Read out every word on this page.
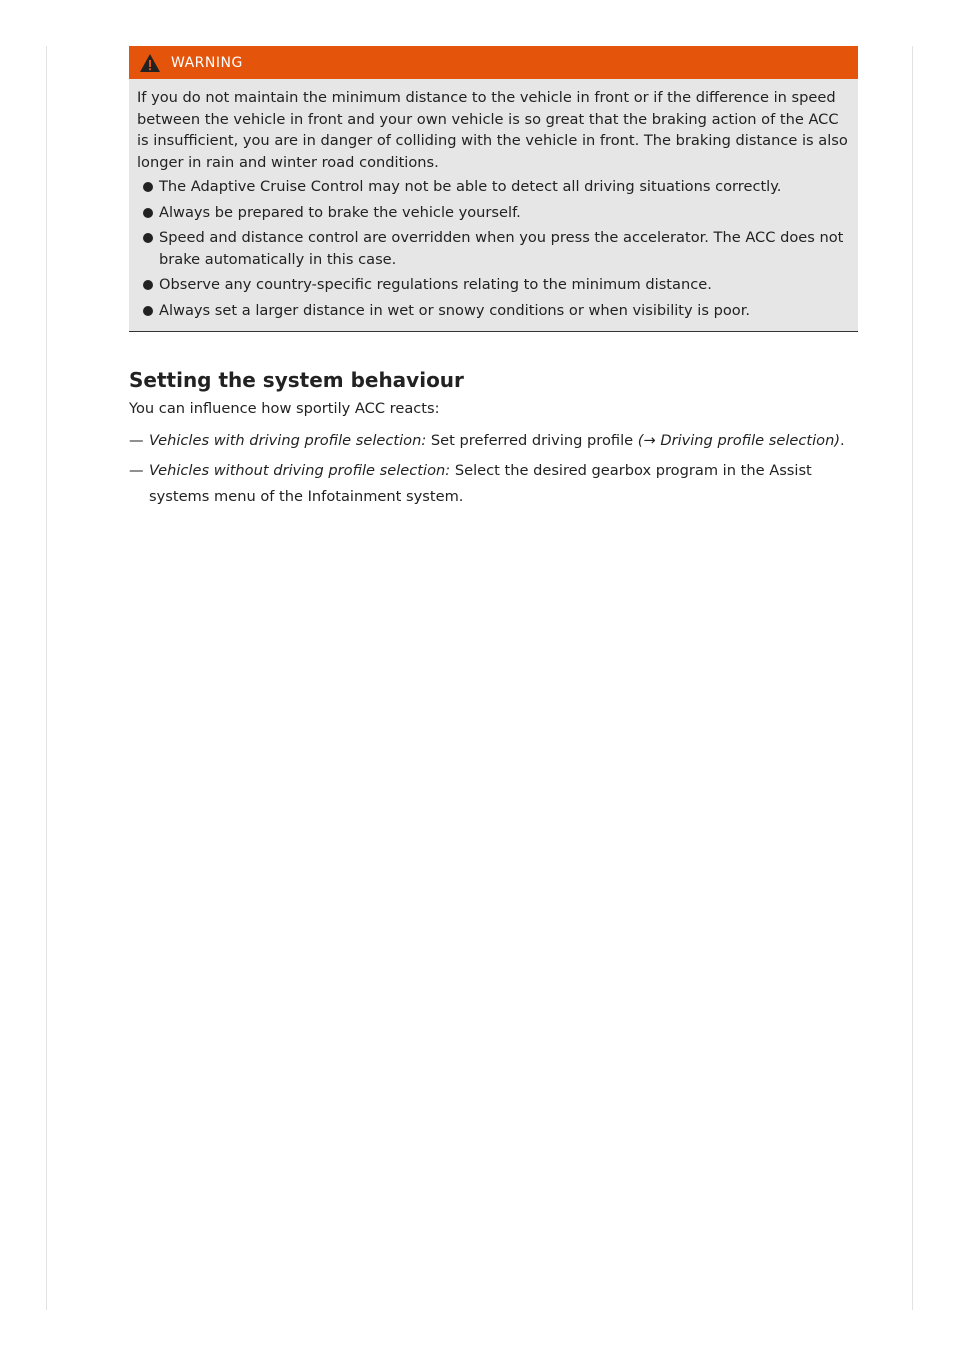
WARNING

If you do not maintain the minimum distance to the vehicle in front or if the difference in speed between the vehicle in front and your own vehicle is so great that the braking action of the ACC is insufficient, you are in danger of colliding with the vehicle in front. The braking distance is also longer in rain and winter road conditions.

The Adaptive Cruise Control may not be able to detect all driving situations correctly.
Always be prepared to brake the vehicle yourself.
Speed and distance control are overridden when you press the accelerator. The ACC does not brake automatically in this case.
Observe any country-specific regulations relating to the minimum distance.
Always set a larger distance in wet or snowy conditions or when visibility is poor.
Setting the system behaviour

You can influence how sportily ACC reacts:

— Vehicles with driving profile selection: Set preferred driving profile (→ Driving profile selection).
— Vehicles without driving profile selection: Select the desired gearbox program in the Assist systems menu of the Infotainment system.
